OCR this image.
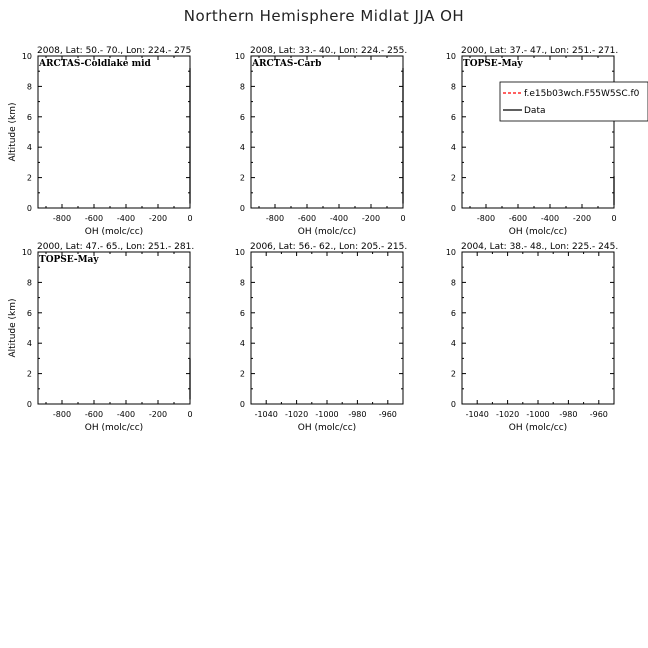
Northern Hemisphere Midlat JJA OH
0
2
4
6
8
10
-800 -600 -400 -200	0
2008, Lat: 50.- 70., Lon: 224.- 275
ARCTAS-Coldlake mid
OH (molc/cc)
Altitude (km)
0
2
4
6
8
10
-800 -600 -400 -200	0
2008, Lat: 33.- 40., Lon: 224.- 255.
ARCTAS-Carb
OH (molc/cc)
0
2
4
6
8
10
-800 -600 -400 -200	0
2000, Lat: 37.- 47., Lon: 251.- 271.
TOPSE-May
OH (molc/cc)
f.e15b03wch.F55W5SC.f0
Data
0
2
4
6
8
10
-800 -600 -400 -200	0
2000, Lat: 47.- 65., Lon: 251.- 281.
TOPSE-May
OH (molc/cc)
Altitude (km)
0
2
4
6
8
10
-1040 -1020 -1000 -980 -960
2006, Lat: 56.- 62., Lon: 205.- 215.
OH (molc/cc)
0
2
4
6
8
10
-1040 -1020 -1000 -980 -960
2004, Lat: 38.- 48., Lon: 225.- 245.
OH (molc/cc)
